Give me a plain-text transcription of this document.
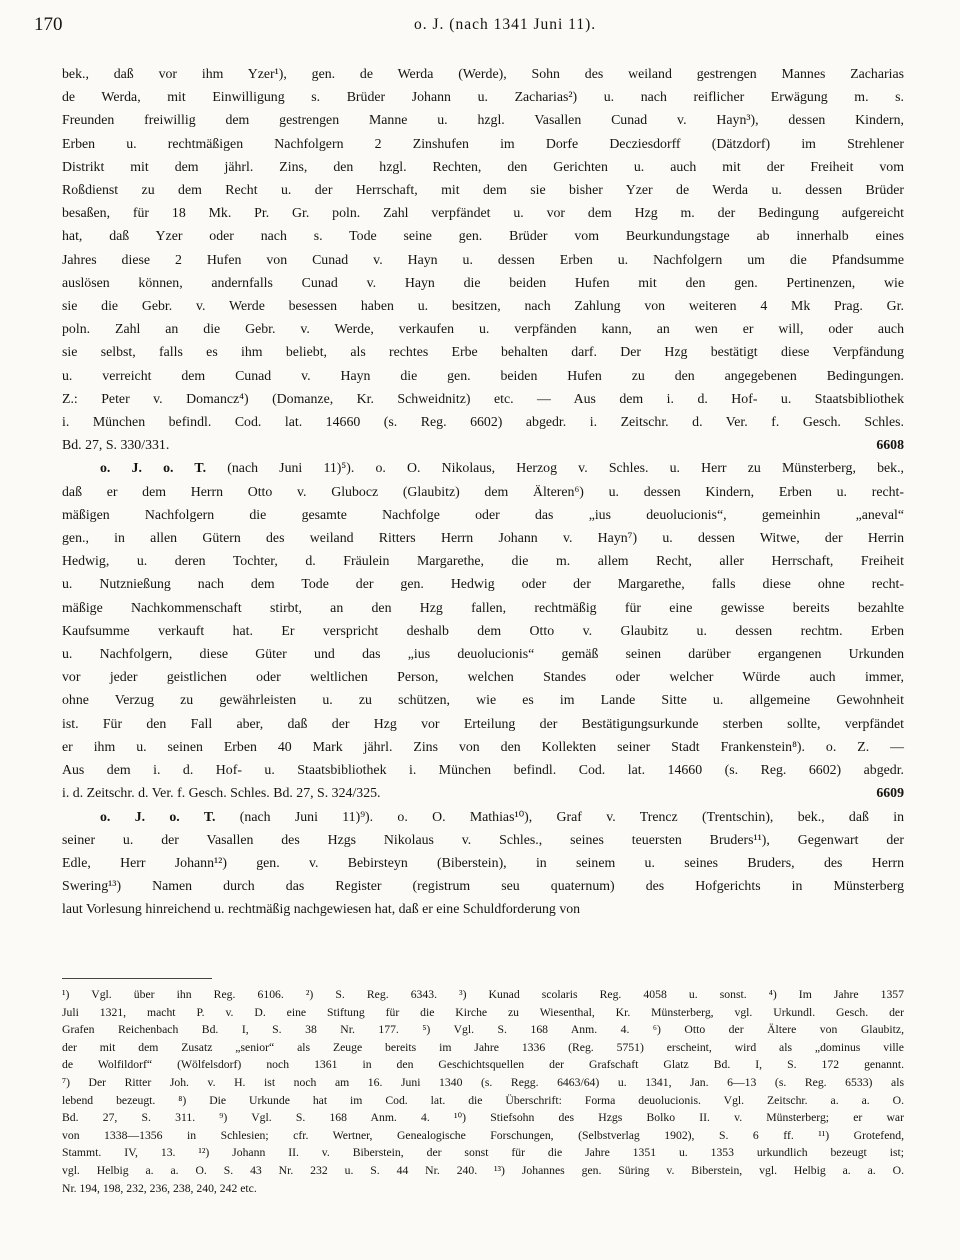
170	o. J. (nach 1341 Juni 11).
bek., daß vor ihm Yzer¹), gen. de Werda (Werde), Sohn des weiland gestrengen Mannes Zacharias
de Werda, mit Einwilligung s. Brüder Johann u. Zacharias²) u. nach reiflicher Erwägung m. s.
Freunden freiwillig dem gestrengen Manne u. hzgl. Vasallen Cunad v. Hayn³), dessen Kindern,
Erben u. rechtmäßigen Nachfolgern 2 Zinshufen im Dorfe Decziesdorff (Dätzdorf) im Strehlener
Distrikt mit dem jährl. Zins, den hzgl. Rechten, den Gerichten u. auch mit der Freiheit vom
Roßdienst zu dem Recht u. der Herrschaft, mit dem sie bisher Yzer de Werda u. dessen Brüder
besaßen, für 18 Mk. Pr. Gr. poln. Zahl verpfändet u. vor dem Hzg m. der Bedingung aufgereicht
hat, daß Yzer oder nach s. Tode seine gen. Brüder vom Beurkundungstage ab innerhalb eines
Jahres diese 2 Hufen von Cunad v. Hayn u. dessen Erben u. Nachfolgern um die Pfandsumme
auslösen können, andernfalls Cunad v. Hayn die beiden Hufen mit den gen. Pertinenzen, wie
sie die Gebr. v. Werde besessen haben u. besitzen, nach Zahlung von weiteren 4 Mk Prag. Gr.
poln. Zahl an die Gebr. v. Werde, verkaufen u. verpfänden kann, an wen er will, oder auch
sie selbst, falls es ihm beliebt, als rechtes Erbe behalten darf. Der Hzg bestätigt diese Verpfändung
u. verreicht dem Cunad v. Hayn die gen. beiden Hufen zu den angegebenen Bedingungen.
Z.: Peter v. Domancz⁴) (Domanze, Kr. Schweidnitz) etc. — Aus dem i. d. Hof- u. Staatsbibliothek
i. München befindl. Cod. lat. 14660 (s. Reg. 6602) abgedr. i. Zeitschr. d. Ver. f. Gesch. Schles.
Bd. 27, S. 330/331.	6608
o. J. o. T. (nach Juni 11)⁵). o. O. Nikolaus, Herzog v. Schles. u. Herr zu Münsterberg, bek.,
daß er dem Herrn Otto v. Glubocz (Glaubitz) dem Älteren⁶) u. dessen Kindern, Erben u. recht-
mäßigen Nachfolgern die gesamte Nachfolge oder das „ius deuolucionis“, gemeinhin „aneval“
gen., in allen Gütern des weiland Ritters Herrn Johann v. Hayn⁷) u. dessen Witwe, der Herrin
Hedwig, u. deren Tochter, d. Fräulein Margarethe, die m. allem Recht, aller Herrschaft, Freiheit
u. Nutznießung nach dem Tode der gen. Hedwig oder der Margarethe, falls diese ohne recht-
mäßige Nachkommenschaft stirbt, an den Hzg fallen, rechtmäßig für eine gewisse bereits bezahlte
Kaufsumme verkauft hat. Er verspricht deshalb dem Otto v. Glaubitz u. dessen rechtm. Erben
u. Nachfolgern, diese Güter und das „ius deuolucionis“ gemäß seinen darüber ergangenen Urkunden
vor jeder geistlichen oder weltlichen Person, welchen Standes oder welcher Würde auch immer,
ohne Verzug zu gewährleisten u. zu schützen, wie es im Lande Sitte u. allgemeine Gewohnheit
ist. Für den Fall aber, daß der Hzg vor Erteilung der Bestätigungsurkunde sterben sollte, verpfändet
er ihm u. seinen Erben 40 Mark jährl. Zins von den Kollekten seiner Stadt Frankenstein⁸). o. Z. —
Aus dem i. d. Hof- u. Staatsbibliothek i. München befindl. Cod. lat. 14660 (s. Reg. 6602) abgedr.
i. d. Zeitschr. d. Ver. f. Gesch. Schles. Bd. 27, S. 324/325.	6609
o. J. o. T. (nach Juni 11)⁹). o. O. Mathias¹⁰), Graf v. Trencz (Trentschin), bek., daß in
seiner u. der Vasallen des Hzgs Nikolaus v. Schles., seines teuersten Bruders¹¹), Gegenwart der
Edle, Herr Johann¹²) gen. v. Bebirsteyn (Biberstein), in seinem u. seines Bruders, des Herrn
Swering¹³) Namen durch das Register (registrum seu quaternum) des Hofgerichts in Münsterberg
laut Vorlesung hinreichend u. rechtmäßig nachgewiesen hat, daß er eine Schuldforderung von
¹) Vgl. über ihn Reg. 6106. ²) S. Reg. 6343. ³) Kunad scolaris Reg. 4058 u. sonst. ⁴) Im Jahre 1357
Juli 1321, macht P. v. D. eine Stiftung für die Kirche zu Wiesenthal, Kr. Münsterberg, vgl. Urkundl. Gesch. der
Grafen Reichenbach Bd. I, S. 38 Nr. 177. ⁵) Vgl. S. 168 Anm. 4. ⁶) Otto der Ältere von Glaubitz,
der mit dem Zusatz „senior“ als Zeuge bereits im Jahre 1336 (Reg. 5751) erscheint, wird als „dominus ville
de Wolfildorf“ (Wölfelsdorf) noch 1361 in den Geschichtsquellen der Grafschaft Glatz Bd. I, S. 172 genannt.
⁷) Der Ritter Joh. v. H. ist noch am 16. Juni 1340 (s. Regg. 6463/64) u. 1341, Jan. 6—13 (s. Reg. 6533) als
lebend bezeugt. ⁸) Die Urkunde hat im Cod. lat. die Überschrift: Forma deuolucionis. Vgl. Zeitschr. a. a. O.
Bd. 27, S. 311. ⁹) Vgl. S. 168 Anm. 4. ¹⁰) Stiefsohn des Hzgs Bolko II. v. Münsterberg; er war
von 1338—1356 in Schlesien; cfr. Wertner, Genealogische Forschungen, (Selbstverlag 1902), S. 6 ff. ¹¹) Grotefend,
Stammt. IV, 13. ¹²) Johann II. v. Biberstein, der sonst für die Jahre 1351 u. 1353 urkundlich bezeugt ist;
vgl. Helbig a. a. O. S. 43 Nr. 232 u. S. 44 Nr. 240. ¹³) Johannes gen. Süring v. Biberstein, vgl. Helbig a. a. O.
Nr. 194, 198, 232, 236, 238, 240, 242 etc.
